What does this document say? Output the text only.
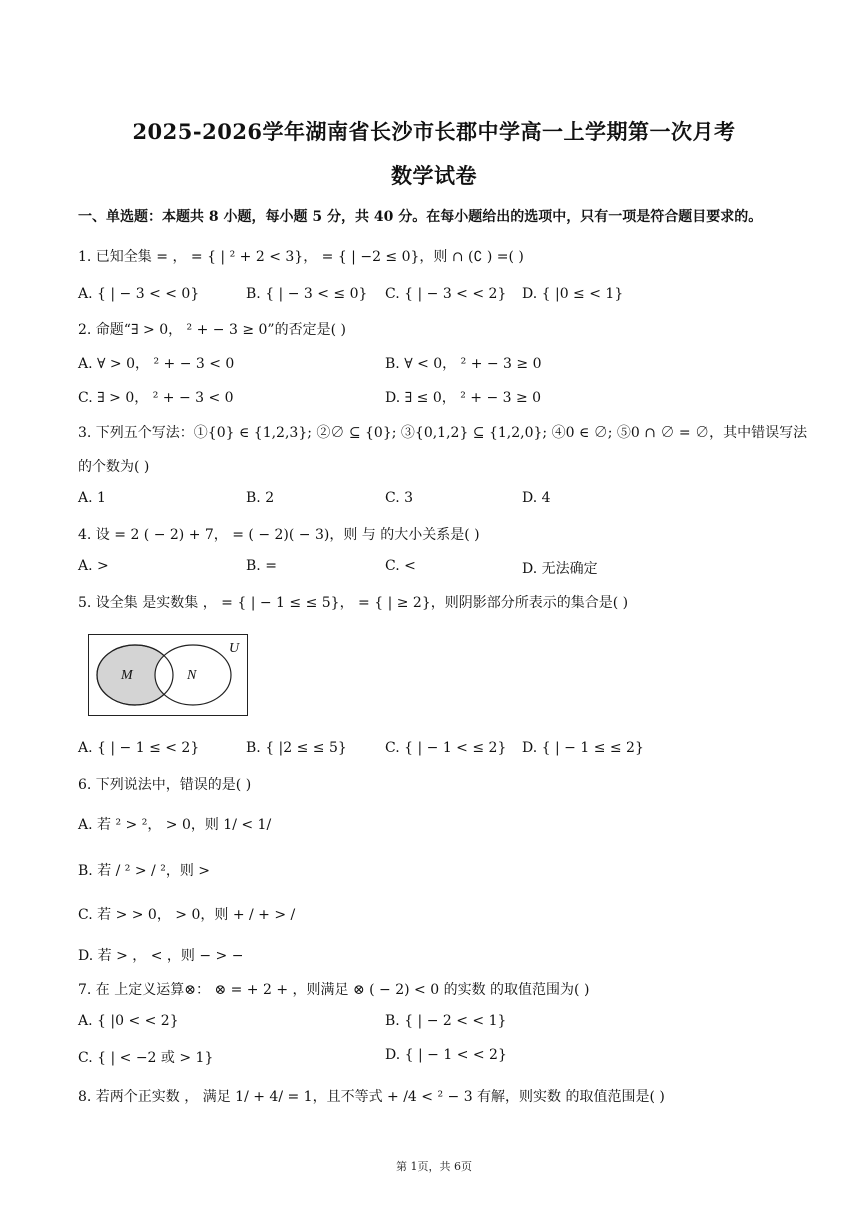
2025-2026学年湖南省长沙市长郡中学高一上学期第一次月考
数学试卷
一、单选题：本题共 8 小题，每小题 5 分，共 40 分。在每小题给出的选项中，只有一项是符合题目要求的。
1. 已知全集 = ， = { | ² + 2 < 3}， = { | −2 ≤ 0}，则 ∩ (∁ ) =( )
A. { | − 3 < < 0}	B. { | − 3 < ≤ 0} C. { | − 3 < < 2} D. { |0 ≤ < 1}
2. 命题“∃ > 0， ² + − 3 ≥ 0”的否定是( )
A. ∀ > 0， ² + − 3 < 0	B. ∀ < 0， ² + − 3 ≥ 0
C. ∃ > 0， ² + − 3 < 0	D. ∃ ≤ 0， ² + − 3 ≥ 0
3. 下列五个写法：①{0} ∈ {1,2,3}; ②∅ ⊆ {0}; ③{0,1,2} ⊆ {1,2,0}; ④0 ∈ ∅; ⑤0 ∩ ∅ = ∅，其中错误写法
的个数为( )
A. 1	B. 2	C. 3	D. 4
4. 设 = 2 ( − 2) + 7， = ( − 2)( − 3)，则 与 的大小关系是( )
A. >	B. =	C. <	D. 无法确定
5. 设全集 是实数集 ， = { | − 1 ≤ ≤ 5}， = { | ≥ 2}，则阴影部分所表示的集合是( )
U
M	N
A. { | − 1 ≤ < 2}	B. { |2 ≤ ≤ 5}	C. { | − 1 < ≤ 2} D. { | − 1 ≤ ≤ 2}
6. 下列说法中，错误的是( )
A. 若 ² > ²， > 0，则 1/ < 1/
B. 若 / ² > / ²，则 >
C. 若 > > 0， > 0，则 + / + > /
D. 若 > ， < ，则 − > −
7. 在 上定义运算⊗： ⊗ = + 2 + ，则满足 ⊗ ( − 2) < 0 的实数 的取值范围为( )
A. { |0 < < 2}	B. { | − 2 < < 1}
C. { | < −2 或 > 1}	D. { | − 1 < < 2}
8. 若两个正实数 ， 满足 1/ + 4/ = 1，且不等式 + /4 < ² − 3 有解，则实数 的取值范围是( )
第 1页，共 6页
